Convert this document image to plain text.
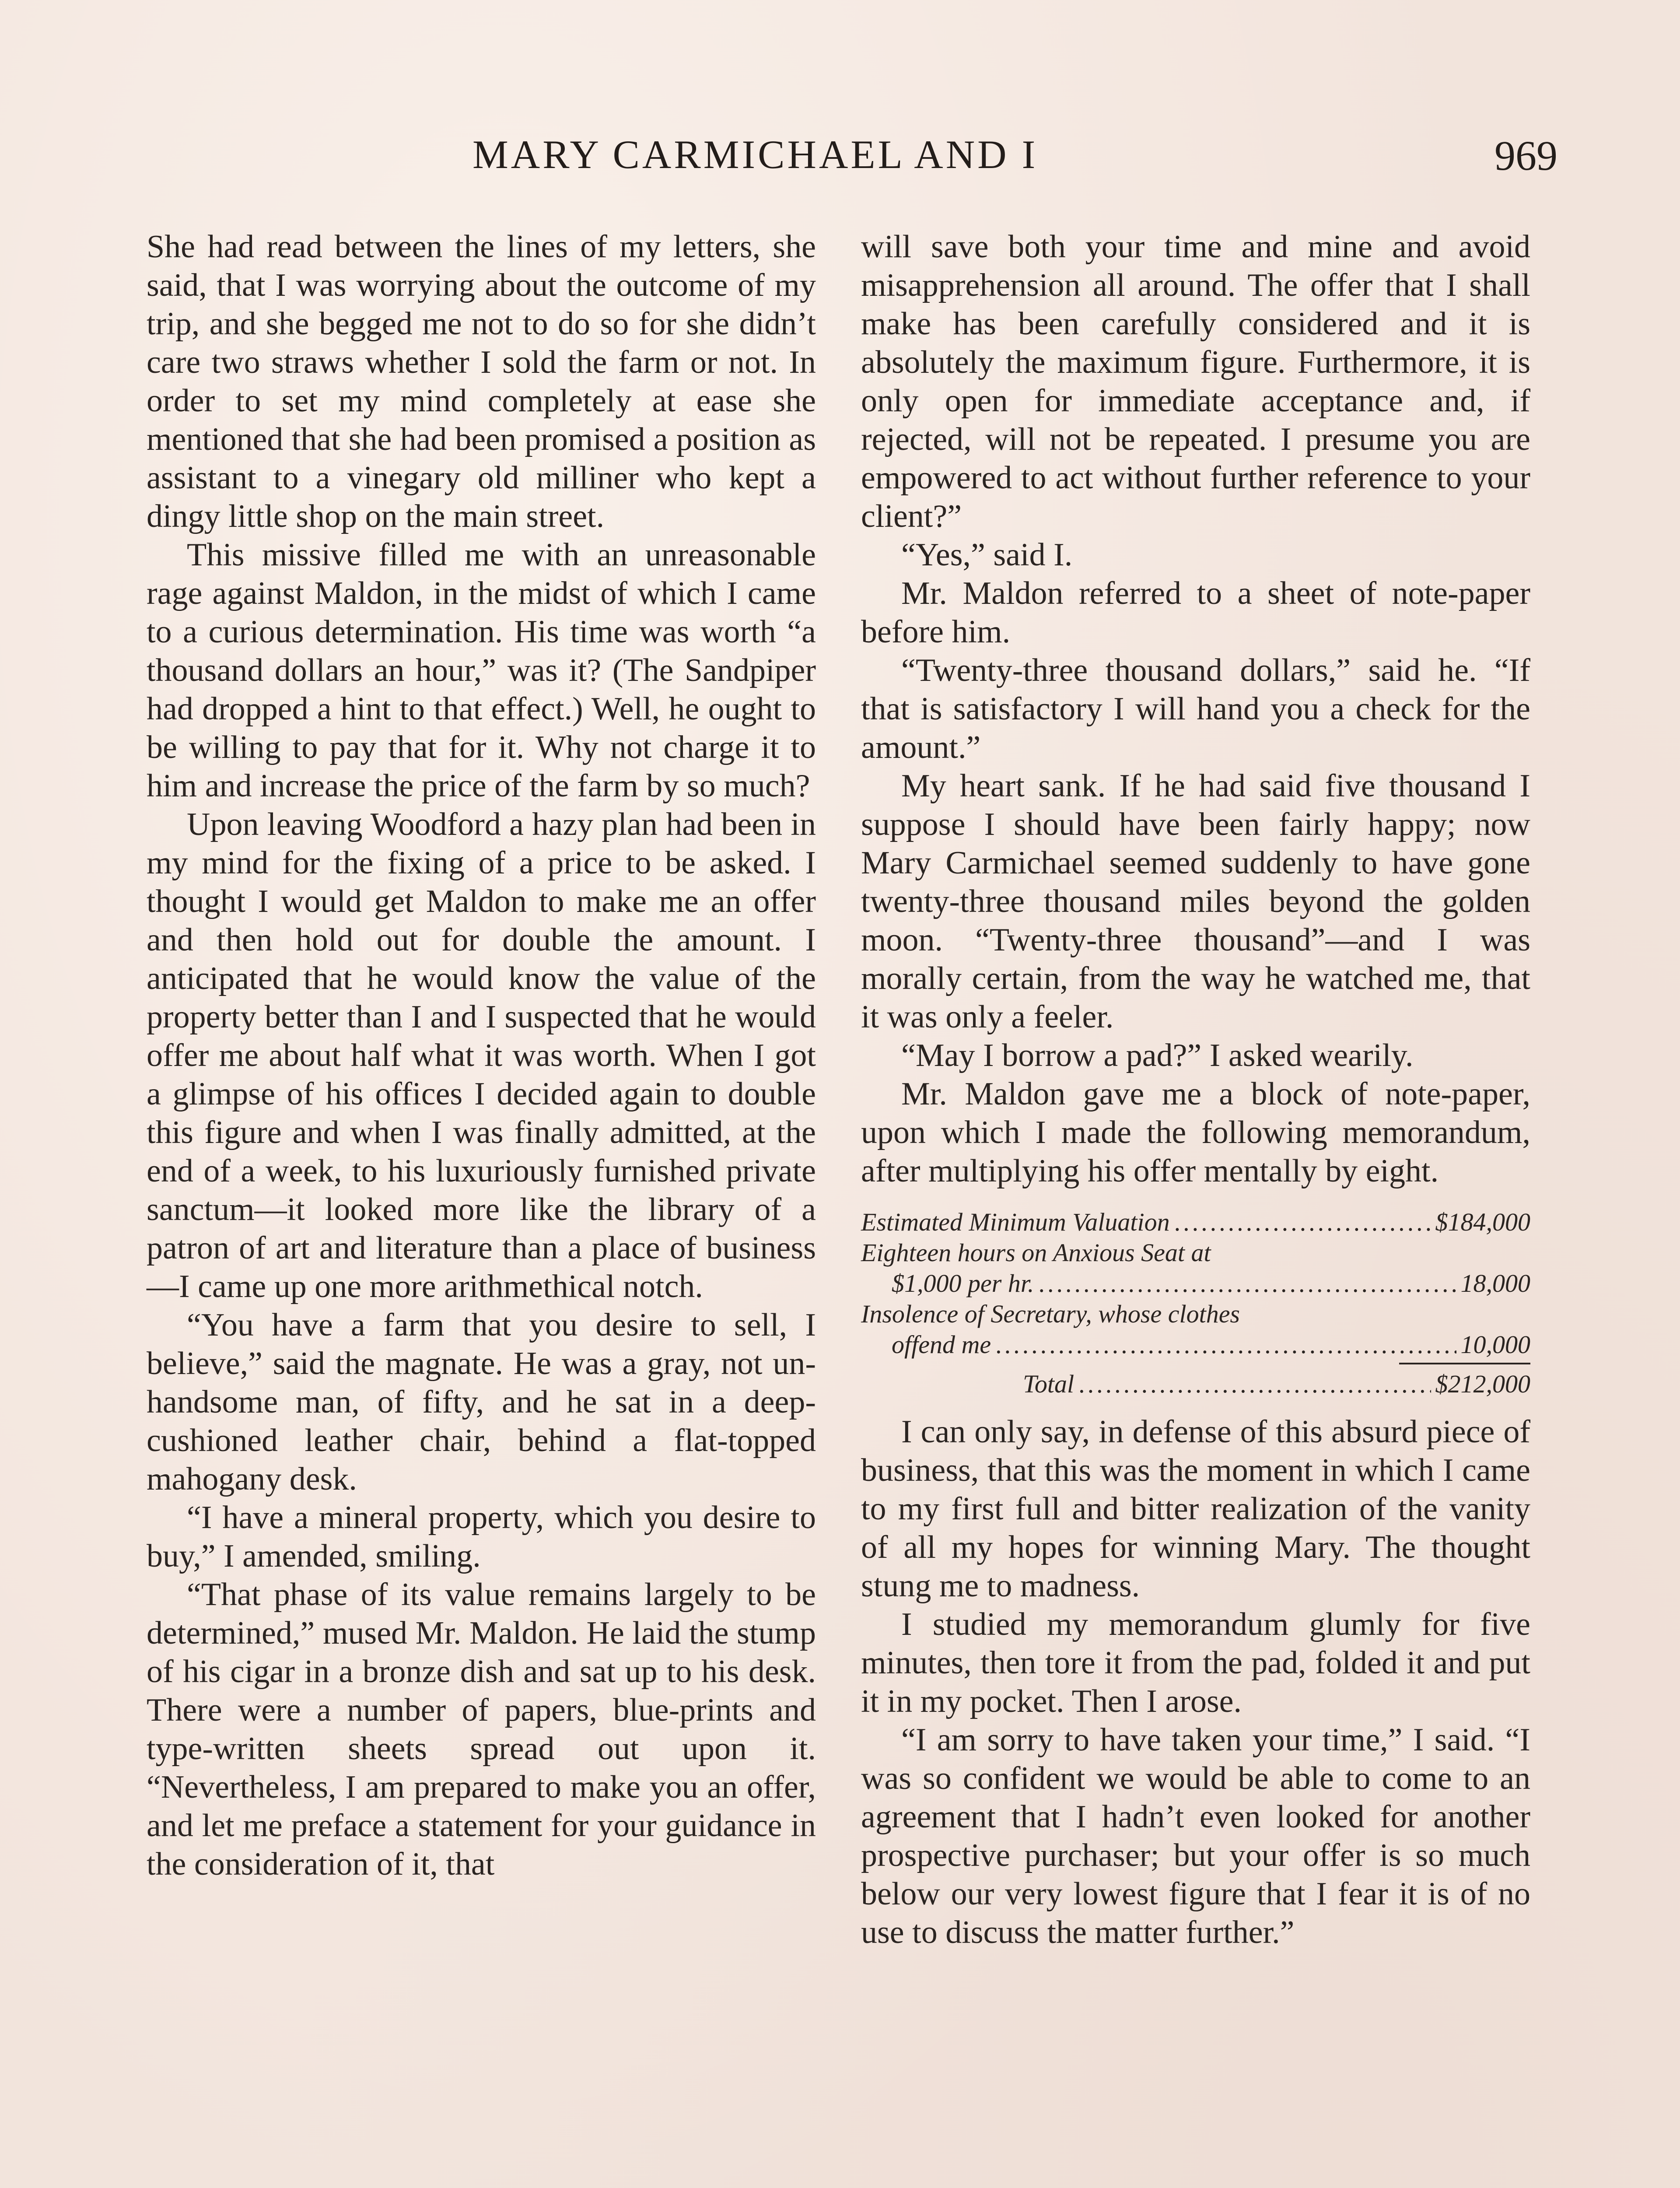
MARY CARMICHAEL AND I	969

She had read between the lines of my letters, she said, that I was worrying about the outcome of my trip, and she begged me not to do so for she didn’t care two straws whether I sold the farm or not. In order to set my mind completely at ease she mentioned that she had been promised a position as assistant to a vinegary old milliner who kept a dingy little shop on the main street.

This missive filled me with an unreasonable rage against Maldon, in the midst of which I came to a curious determination. His time was worth “a thousand dollars an hour,” was it? (The Sandpiper had dropped a hint to that effect.) Well, he ought to be willing to pay that for it. Why not charge it to him and increase the price of the farm by so much?

Upon leaving Woodford a hazy plan had been in my mind for the fixing of a price to be asked. I thought I would get Maldon to make me an offer and then hold out for double the amount. I anticipated that he would know the value of the property better than I and I suspected that he would offer me about half what it was worth. When I got a glimpse of his offices I decided again to double this figure and when I was finally admitted, at the end of a week, to his luxuriously furnished private sanctum—it looked more like the library of a patron of art and literature than a place of business—I came up one more arithmethical notch.

“You have a farm that you desire to sell, I believe,” said the magnate. He was a gray, not un-handsome man, of fifty, and he sat in a deep-cushioned leather chair, behind a flat-topped mahogany desk.

“I have a mineral property, which you desire to buy,” I amended, smiling.

“That phase of its value remains largely to be determined,” mused Mr. Maldon. He laid the stump of his cigar in a bronze dish and sat up to his desk. There were a number of papers, blue-prints and type-written sheets spread out upon it. “Nevertheless, I am prepared to make you an offer, and let me preface a statement for your guidance in the consideration of it, that

will save both your time and mine and avoid misapprehension all around. The offer that I shall make has been carefully considered and it is absolutely the maximum figure. Furthermore, it is only open for immediate acceptance and, if rejected, will not be repeated. I presume you are empowered to act without further reference to your client?”

“Yes,” said I.

Mr. Maldon referred to a sheet of note-paper before him.

“Twenty-three thousand dollars,” said he. “If that is satisfactory I will hand you a check for the amount.”

My heart sank. If he had said five thousand I suppose I should have been fairly happy; now Mary Carmichael seemed suddenly to have gone twenty-three thousand miles beyond the golden moon. “Twenty-three thousand”—and I was morally certain, from the way he watched me, that it was only a feeler.

“May I borrow a pad?” I asked wearily.

Mr. Maldon gave me a block of note-paper, upon which I made the following memorandum, after multiplying his offer mentally by eight.

Estimated Minimum Valuation .....	$184,000
Eighteen hours on Anxious Seat at
$1,000 per hr. .....	18,000
Insolence of Secretary, whose clothes
offend me .....	10,000
Total .....	$212,000

I can only say, in defense of this absurd piece of business, that this was the moment in which I came to my first full and bitter realization of the vanity of all my hopes for winning Mary. The thought stung me to madness.

I studied my memorandum glumly for five minutes, then tore it from the pad, folded it and put it in my pocket. Then I arose.

“I am sorry to have taken your time,” I said. “I was so confident we would be able to come to an agreement that I hadn’t even looked for another prospective purchaser; but your offer is so much below our very lowest figure that I fear it is of no use to discuss the matter further.”
